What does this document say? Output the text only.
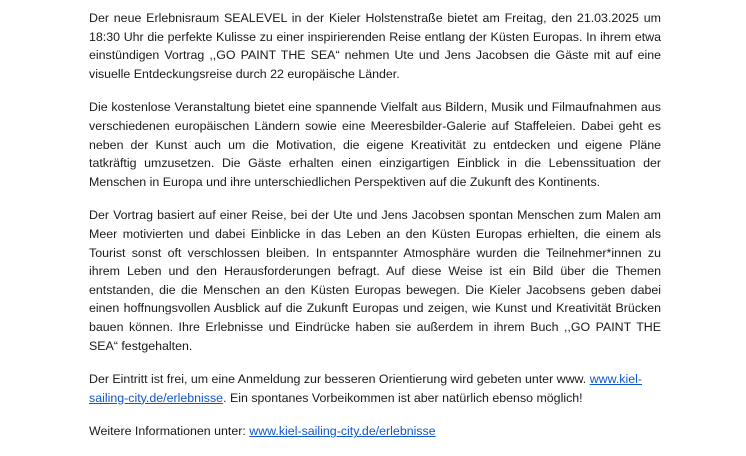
Der neue Erlebnisraum SEALEVEL in der Kieler Holstenstraße bietet am Freitag, den 21.03.2025 um 18:30 Uhr die perfekte Kulisse zu einer inspirierenden Reise entlang der Küsten Europas. In ihrem etwa einstündigen Vortrag ,,GO PAINT THE SEA“ nehmen Ute und Jens Jacobsen die Gäste mit auf eine visuelle Entdeckungsreise durch 22 europäische Länder.

Die kostenlose Veranstaltung bietet eine spannende Vielfalt aus Bildern, Musik und Filmaufnahmen aus verschiedenen europäischen Ländern sowie eine Meeresbilder-Galerie auf Staffeleien. Dabei geht es neben der Kunst auch um die Motivation, die eigene Kreativität zu entdecken und eigene Pläne tatkräftig umzusetzen. Die Gäste erhalten einen einzigartigen Einblick in die Lebenssituation der Menschen in Europa und ihre unterschiedlichen Perspektiven auf die Zukunft des Kontinents.

Der Vortrag basiert auf einer Reise, bei der Ute und Jens Jacobsen spontan Menschen zum Malen am Meer motivierten und dabei Einblicke in das Leben an den Küsten Europas erhielten, die einem als Tourist sonst oft verschlossen bleiben. In entspannter Atmosphäre wurden die Teilnehmer*innen zu ihrem Leben und den Herausforderungen befragt. Auf diese Weise ist ein Bild über die Themen entstanden, die die Menschen an den Küsten Europas bewegen. Die Kieler Jacobsens geben dabei einen hoffnungsvollen Ausblick auf die Zukunft Europas und zeigen, wie Kunst und Kreativität Brücken bauen können. Ihre Erlebnisse und Eindrücke haben sie außerdem in ihrem Buch ,,GO PAINT THE SEA“ festgehalten.

Der Eintritt ist frei, um eine Anmeldung zur besseren Orientierung wird gebeten unter www. www.kiel-sailing-city.de/erlebnisse. Ein spontanes Vorbeikommen ist aber natürlich ebenso möglich!

Weitere Informationen unter: www.kiel-sailing-city.de/erlebnisse
